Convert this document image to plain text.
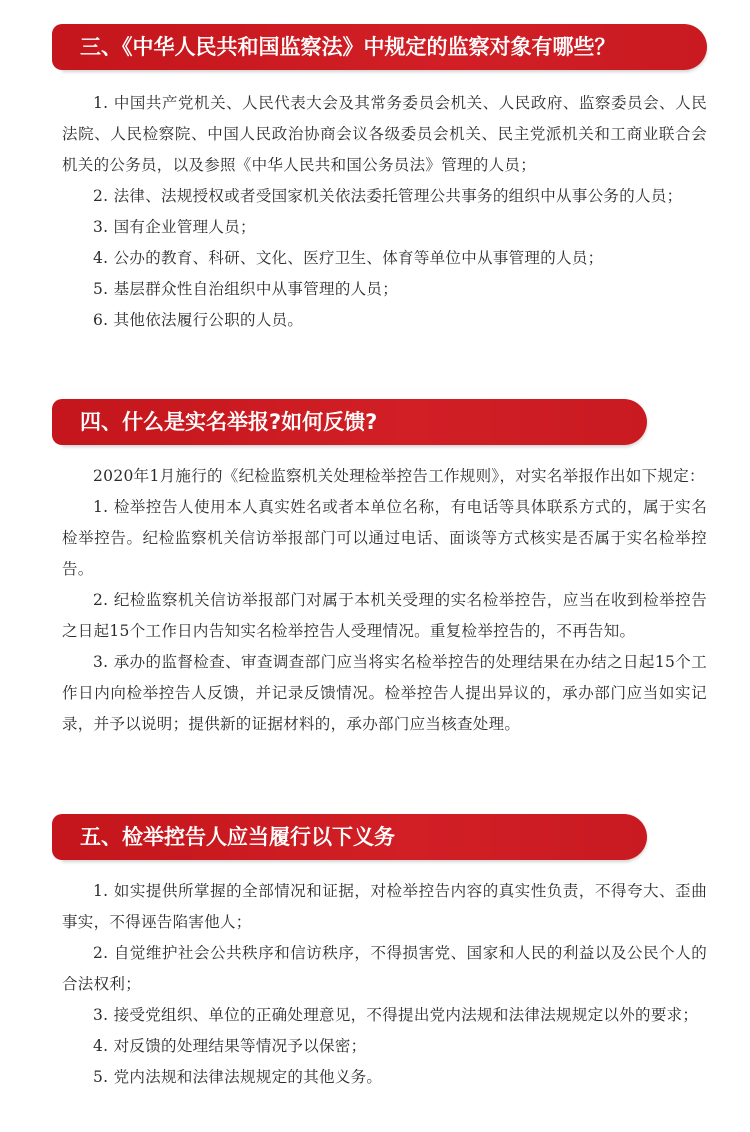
三、《中华人民共和国监察法》中规定的监察对象有哪些？

1. 中国共产党机关、人民代表大会及其常务委员会机关、人民政府、监察委员会、人民法院、人民检察院、中国人民政治协商会议各级委员会机关、民主党派机关和工商业联合会机关的公务员，以及参照《中华人民共和国公务员法》管理的人员；

2. 法律、法规授权或者受国家机关依法委托管理公共事务的组织中从事公务的人员；

3. 国有企业管理人员；

4. 公办的教育、科研、文化、医疗卫生、体育等单位中从事管理的人员；

5. 基层群众性自治组织中从事管理的人员；

6. 其他依法履行公职的人员。

四、什么是实名举报?如何反馈?

2020年1月施行的《纪检监察机关处理检举控告工作规则》，对实名举报作出如下规定：

1. 检举控告人使用本人真实姓名或者本单位名称，有电话等具体联系方式的，属于实名检举控告。纪检监察机关信访举报部门可以通过电话、面谈等方式核实是否属于实名检举控告。

2. 纪检监察机关信访举报部门对属于本机关受理的实名检举控告，应当在收到检举控告之日起15个工作日内告知实名检举控告人受理情况。重复检举控告的，不再告知。

3. 承办的监督检查、审查调查部门应当将实名检举控告的处理结果在办结之日起15个工作日内向检举控告人反馈，并记录反馈情况。检举控告人提出异议的，承办部门应当如实记录，并予以说明；提供新的证据材料的，承办部门应当核查处理。

五、检举控告人应当履行以下义务

1. 如实提供所掌握的全部情况和证据，对检举控告内容的真实性负责，不得夸大、歪曲事实，不得诬告陷害他人；

2. 自觉维护社会公共秩序和信访秩序，不得损害党、国家和人民的利益以及公民个人的合法权利；

3. 接受党组织、单位的正确处理意见，不得提出党内法规和法律法规规定以外的要求；

4. 对反馈的处理结果等情况予以保密；

5. 党内法规和法律法规规定的其他义务。
